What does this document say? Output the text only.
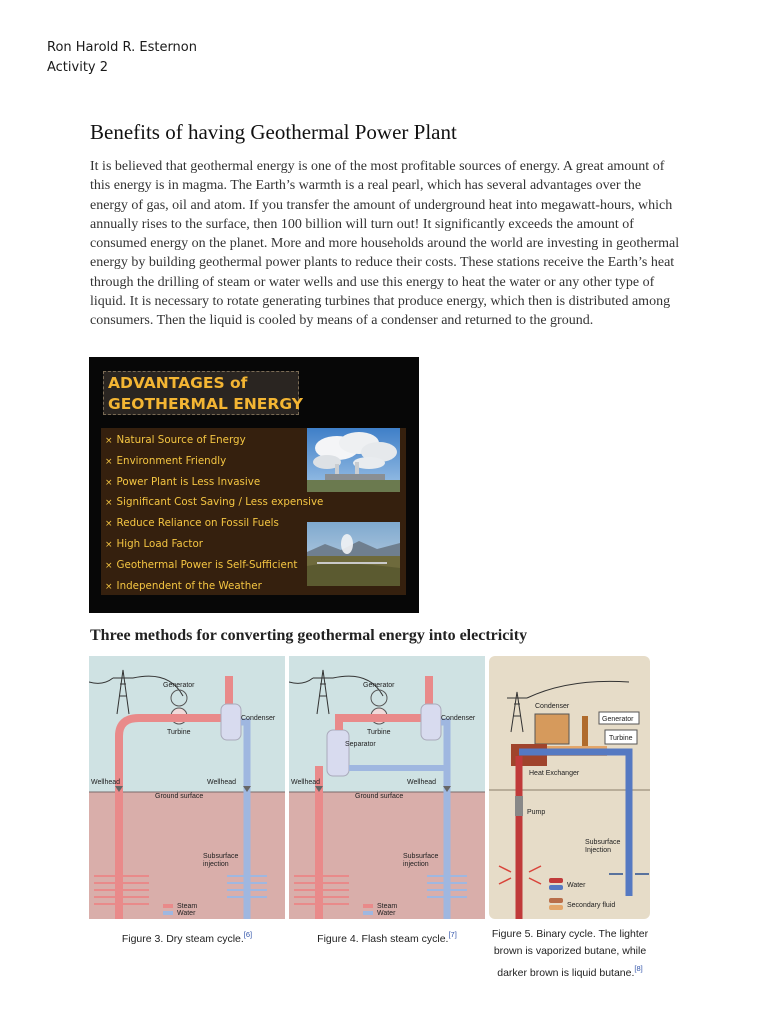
Ron Harold R. Esternon
Activity 2
Benefits of having Geothermal Power Plant

It is believed that geothermal energy is one of the most profitable sources of energy. A great amount of this energy is in magma. The Earth’s warmth is a real pearl, which has several advantages over the energy of gas, oil and atom. If you transfer the amount of underground heat into megawatt-hours, which annually rises to the surface, then 100 billion will turn out! It significantly exceeds the amount of consumed energy on the planet. More and more households around the world are investing in geothermal energy by building geothermal power plants to reduce their costs. These stations receive the Earth’s heat through the drilling of steam or water wells and use this energy to heat the water or any other type of liquid. It is necessary to rotate generating turbines that produce energy, which then is distributed among consumers. Then the liquid is cooled by means of a condenser and returned to the ground.

ADVANTAGES of
GEOTHERMAL ENERGY
× Natural Source of Energy
× Environment Friendly
× Power Plant is Less Invasive
× Significant Cost Saving / Less expensive
× Reduce Reliance on Fossil Fuels
× High Load Factor
× Geothermal Power is Self-Sufficient
× Independent of the Weather
Three methods for converting geothermal energy into electricity
Generator
Turbine
Condenser
Wellhead	Wellhead
Ground surface
Subsurface
injection
Steam
Water
Figure 3. Dry steam cycle.[6]
Generator
Turbine
Condenser
Separator
Wellhead	Wellhead
Ground surface
Subsurface
injection
Steam
Water
Figure 4. Flash steam cycle.[7]
Condenser
Generator
Turbine
Heat Exchanger
Pump
Subsurface
Injection
Water
Secondary fluid
Figure 5. Binary cycle. The lighter
brown is vaporized butane, while
darker brown is liquid butane.[8]
